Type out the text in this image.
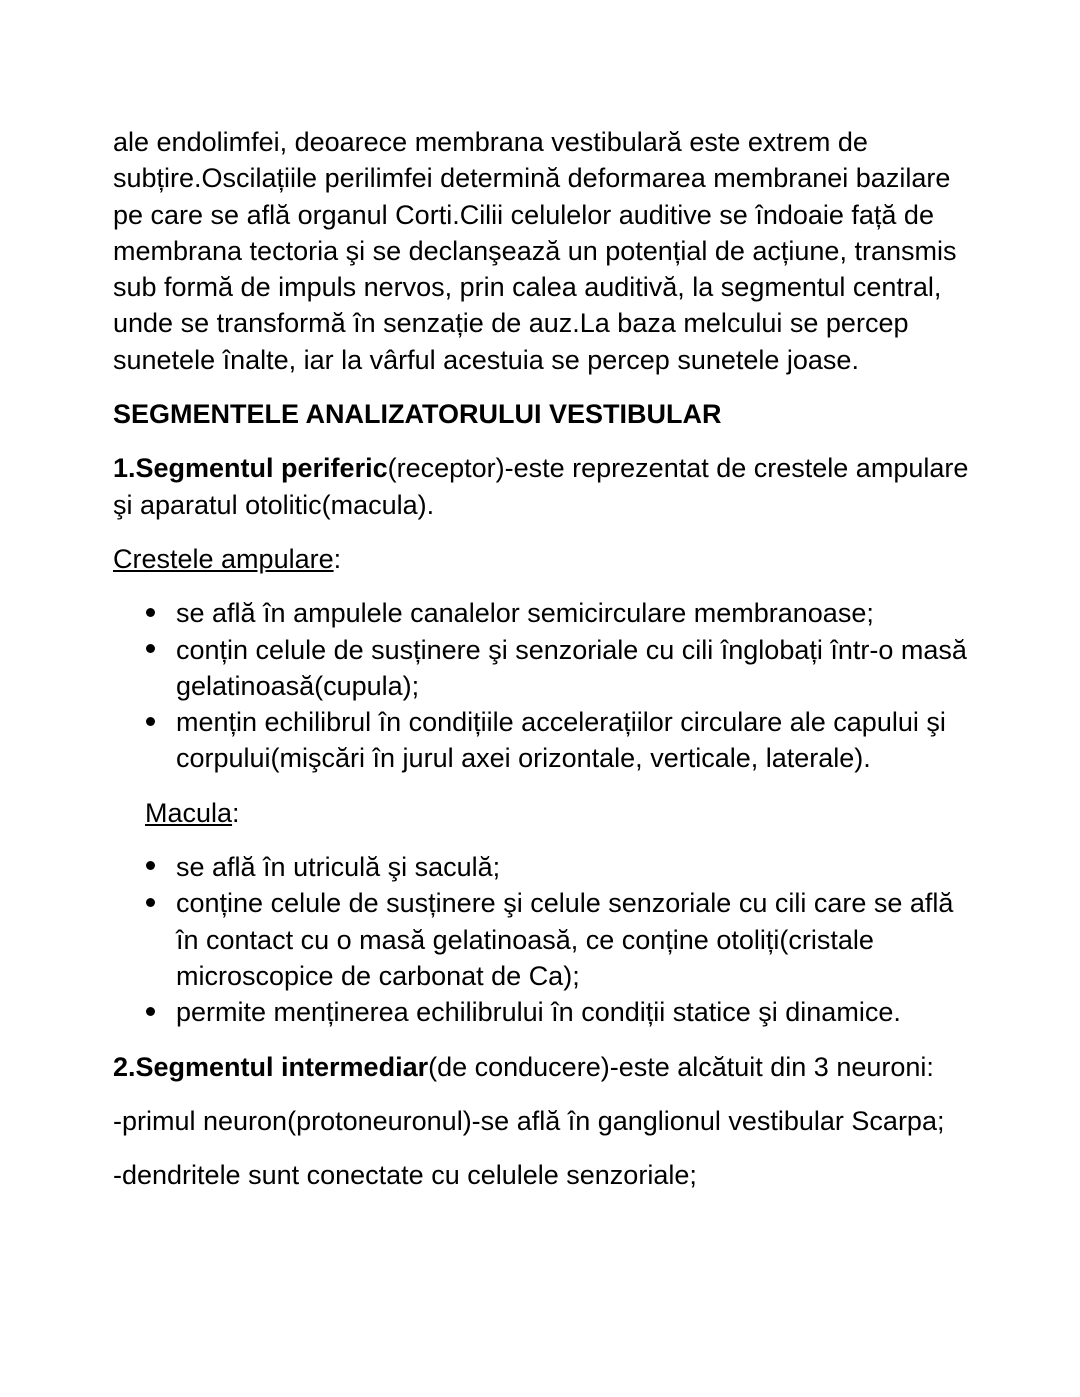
ale endolimfei, deoarece membrana vestibulară este extrem de subțire.Oscilațiile perilimfei determină deformarea membranei bazilare pe care se află organul Corti.Cilii celulelor auditive se îndoaie față de membrana tectoria şi se declanşează un potențial de acțiune, transmis sub formă de impuls nervos, prin calea auditivă, la segmentul central, unde se transformă în senzație de auz.La baza melcului se percep sunetele înalte, iar la vârful acestuia se percep sunetele joase.

SEGMENTELE ANALIZATORULUI VESTIBULAR

1.Segmentul periferic(receptor)-este reprezentat de crestele ampulare şi aparatul otolitic(macula).

Crestele ampulare:

se află în ampulele canalelor semicirculare membranoase;
conțin celule de susținere şi senzoriale cu cili înglobați într-o masă gelatinoasă(cupula);
mențin echilibrul în condițiile accelerațiilor circulare ale capului şi corpului(mişcări în jurul axei orizontale, verticale, laterale).

Macula:

se află în utriculă şi saculă;
conține celule de susținere şi celule senzoriale cu cili care se află în contact cu o masă gelatinoasă, ce conține otoliți(cristale microscopice de carbonat de Ca);
permite menținerea echilibrului în condiții statice şi dinamice.

2.Segmentul intermediar(de conducere)-este alcătuit din 3 neuroni:

-primul neuron(protoneuronul)-se află în ganglionul vestibular Scarpa;

-dendritele sunt conectate cu celulele senzoriale;
